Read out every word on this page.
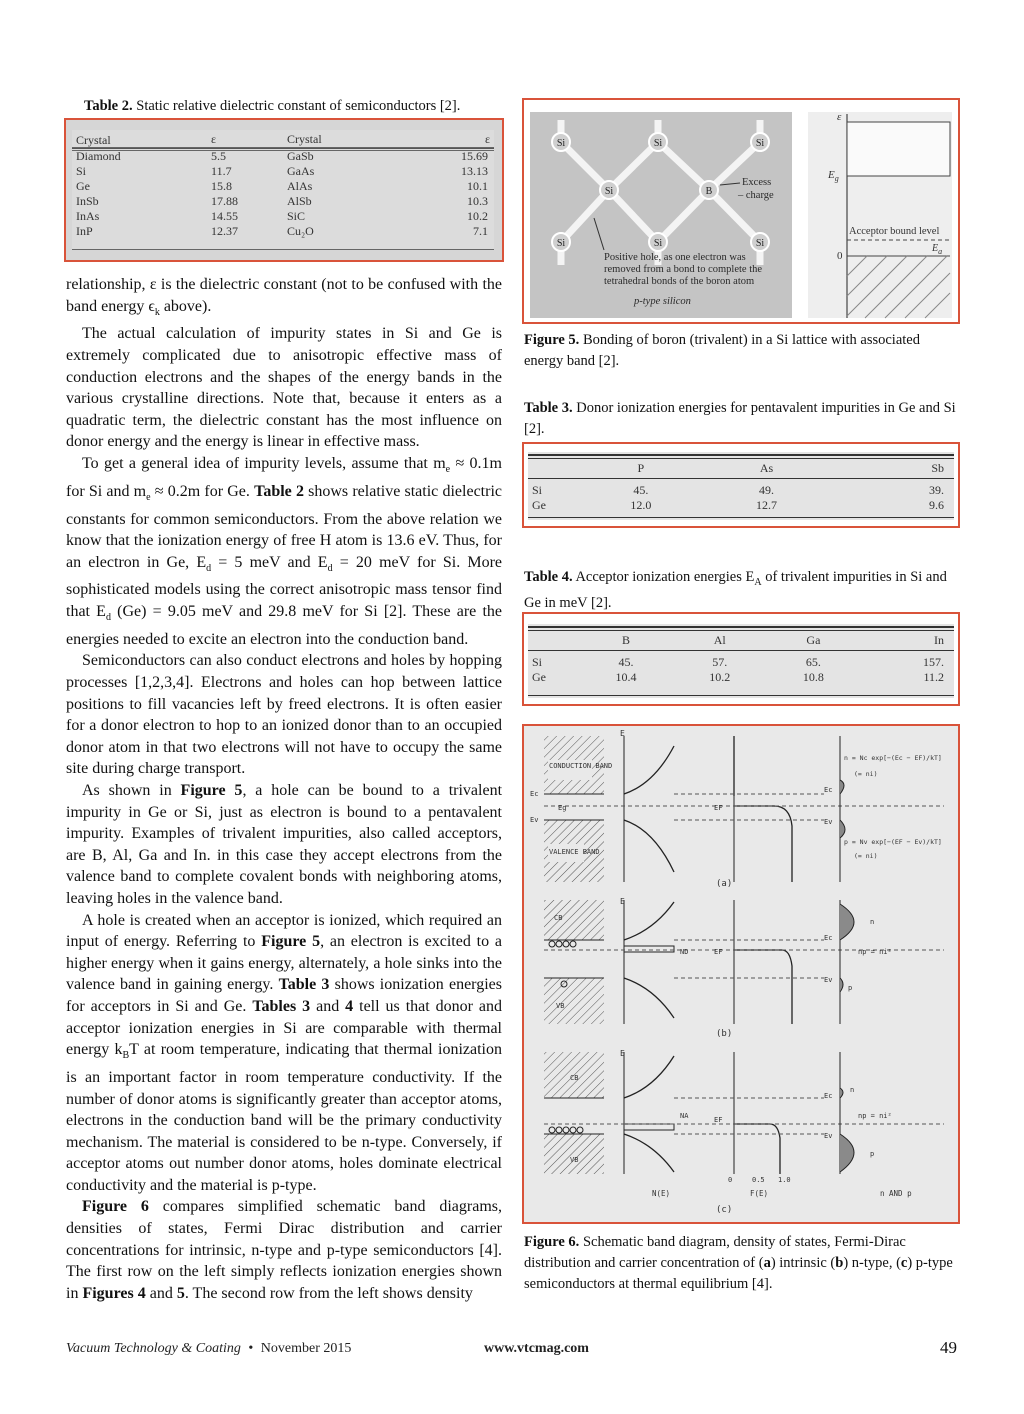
Table 2. Static relative dielectric constant of semiconductors [2].
Crystal	ε	Crystal	ε
Diamond	5.5	GaSb	15.69
Si	11.7	GaAs	13.13
Ge	15.8	AlAs	10.1
InSb	17.88	AlSb	10.3
InAs	14.55	SiC	10.2
InP	12.37	Cu₂O	7.1

relationship, ε is the dielectric constant (not to be confused with the band energy $\epsilon_k$ above).

The actual calculation of impurity states in Si and Ge is extremely complicated due to anisotropic effective mass of conduction electrons and the shapes of the energy bands in the various crystalline directions. Note that, because it enters as a quadratic term, the dielectric constant has the most influence on donor energy and the energy is linear in effective mass.

To get a general idea of impurity levels, assume that $m_e \approx 0.1m$ for Si and $m_e \approx 0.2m$ for Ge. Table 2 shows relative static dielectric constants for common semiconductors. From the above relation we know that the ionization energy of free H atom is 13.6 eV. Thus, for an electron in Ge, $E_d = 5$ meV and $E_d = 20$ meV for Si. More sophisticated models using the correct anisotropic mass tensor find that $E_d$ (Ge) = 9.05 meV and 29.8 meV for Si [2]. These are the energies needed to excite an electron into the conduction band.

Semiconductors can also conduct electrons and holes by hopping processes [1,2,3,4]. Electrons and holes can hop between lattice positions to fill vacancies left by freed electrons. It is often easier for a donor electron to hop to an ionized donor than to an occupied donor atom in that two electrons will not have to occupy the same site during charge transport.

As shown in Figure 5, a hole can be bound to a trivalent impurity in Ge or Si, just as electron is bound to a pentavalent impurity. Examples of trivalent impurities, also called acceptors, are B, Al, Ga and In. in this case they accept electrons from the valence band to complete covalent bonds with neighboring atoms, leaving holes in the valence band.

A hole is created when an acceptor is ionized, which required an input of energy. Referring to Figure 5, an electron is excited to a higher energy when it gains energy, alternately, a hole sinks into the valence band in gaining energy. Table 3 shows ionization energies for acceptors in Si and Ge. Tables 3 and 4 tell us that donor and acceptor ionization energies in Si are comparable with thermal energy $k_BT$ at room temperature, indicating that thermal ionization is an important factor in room temperature conductivity. If the number of donor atoms is significantly greater than acceptor atoms, electrons in the conduction band will be the primary conductivity mechanism. The material is considered to be n-type. Conversely, if acceptor atoms out number donor atoms, holes dominate electrical conductivity and the material is p-type.

Figure 6 compares simplified schematic band diagrams, densities of states, Fermi Dirac distribution and carrier concentrations for intrinsic, n-type and p-type semiconductors [4]. The first row on the left simply reflects ionization energies shown in Figures 4 and 5. The second row from the left shows density

Si	Si	Si
Si	B
Si	Si	Si
Excess
– charge
Positive hole, as one electron was
removed from a bond to complete the
tetrahedral bonds of the boron atom
p-type silicon
ε
$E_g$
Acceptor bound level
$E_a$
0
Figure 5. Bonding of boron (trivalent) in a Si lattice with associated energy band [2].
Table 3. Donor ionization energies for pentavalent impurities in Ge and Si [2].
	P	As	Sb
Si	45.	49.	39.
Ge	12.0	12.7	9.6
Table 4. Acceptor ionization energies $E_A$ of trivalent impurities in Si and Ge in meV [2].
	B	Al	Ga	In
Si	45.	57.	65.	157.
Ge	10.4	10.2	10.8	11.2
CONDUCTION BAND
VALENCE BAND
Ec
Ev
Eg
E
EF
Ec
Ev
n = Nc exp[−(Ec − EF)/kT]
(= ni)
p = Nv exp[−(EF − Ev)/kT]
(= ni)
(a)
CB
VB
E
ND	EF
Ec
Ev
n
np = ni²
p
(b)
CB
VB
E
NA	EF
Ec
Ev
n
np = ni²
p
0	0.5 1.0
N(E)	F(E)	n AND p
(c)
Figure 6. Schematic band diagram, density of states, Fermi-Dirac distribution and carrier concentration of (a) intrinsic (b) n-type, (c) p-type semiconductors at thermal equilibrium [4].
Vacuum Technology & Coating • November 2015	www.vtcmag.com	49
